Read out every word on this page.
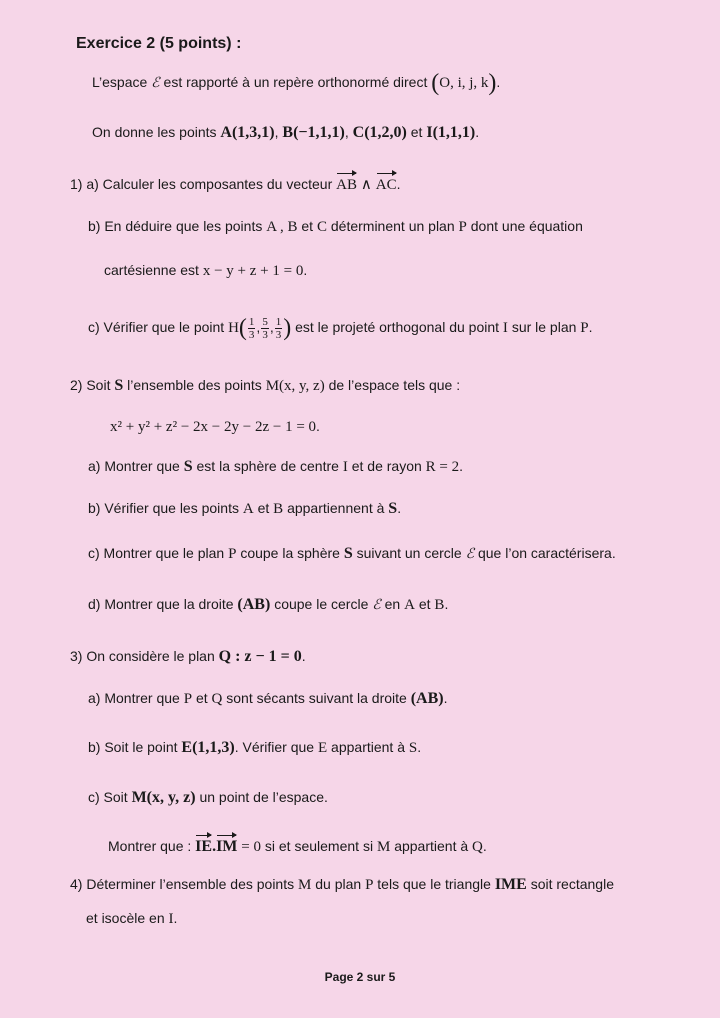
Exercice 2 (5 points) :
L’espace ℰ est rapporté à un repère orthonormé direct (O, i, j, k).
On donne les points A(1,3,1), B(−1,1,1), C(1,2,0) et I(1,1,1).
1) a) Calculer les composantes du vecteur AB ∧ AC.
b) En déduire que les points A , B et C déterminent un plan P dont une équation
cartésienne est x − y + z + 1 = 0.
c) Vérifier que le point $H( \frac{1}{3}$ , $\frac{5}{3}$ , $\frac{1}{3}$ ) est le projeté orthogonal du point I sur le plan P.
2) Soit S l’ensemble des points M(x, y, z) de l’espace tels que :
x² + y² + z² − 2x − 2y − 2z − 1 = 0.
a) Montrer que S est la sphère de centre I et de rayon R = 2.
b) Vérifier que les points A et B appartiennent à S.
c) Montrer que le plan P coupe la sphère S suivant un cercle ℰ que l’on caractérisera.
d) Montrer que la droite (AB) coupe le cercle ℰ en A et B.
3) On considère le plan Q : z − 1 = 0.
a) Montrer que P et Q sont sécants suivant la droite (AB).
b) Soit le point E(1,1,3). Vérifier que E appartient à S.
c) Soit M(x, y, z) un point de l’espace.
Montrer que : IE.IM = 0 si et seulement si M appartient à Q.
4) Déterminer l’ensemble des points M du plan P tels que le triangle IME soit rectangle
et isocèle en I.
Page 2 sur 5
